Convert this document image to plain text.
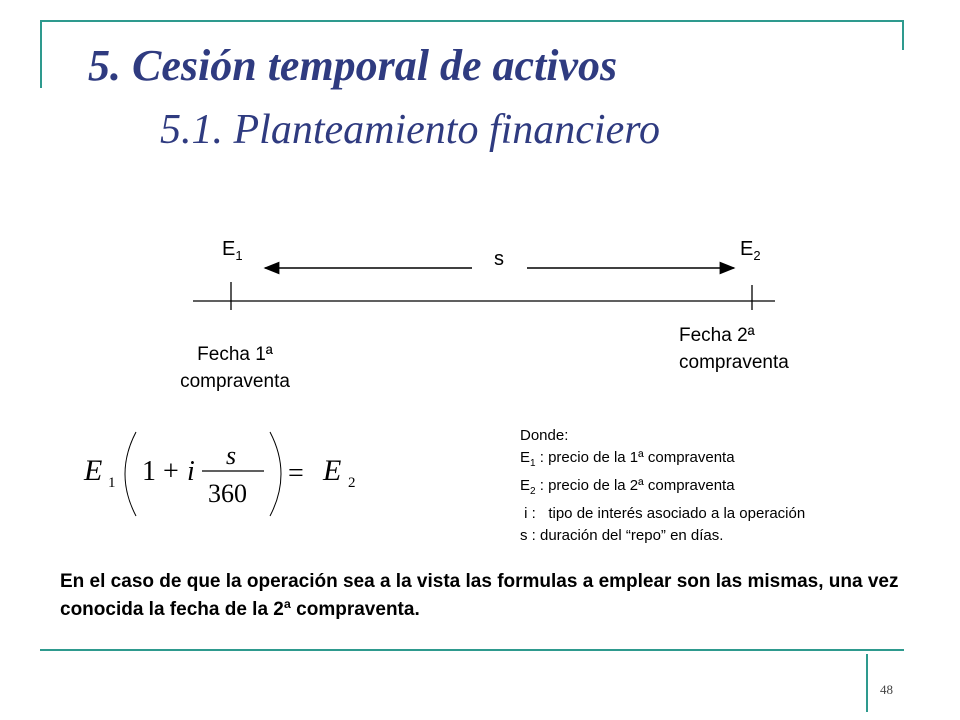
5. Cesión temporal de activos
5.1. Planteamiento financiero
$E_1$	$E_2$
s
Fecha 1ª
compraventa
Fecha 2ª
compraventa
E 1 1 + i
s
360
= E 2
Donde:
$E_1$ : precio de la 1ª compraventa
$E_2$ : precio de la 2ª compraventa
i :   tipo de interés asociado a la operación
s : duración del “repo” en días.
En el caso de que la operación sea a la vista las formulas a emplear son las mismas, una vez conocida la fecha de la 2ª compraventa.
48
